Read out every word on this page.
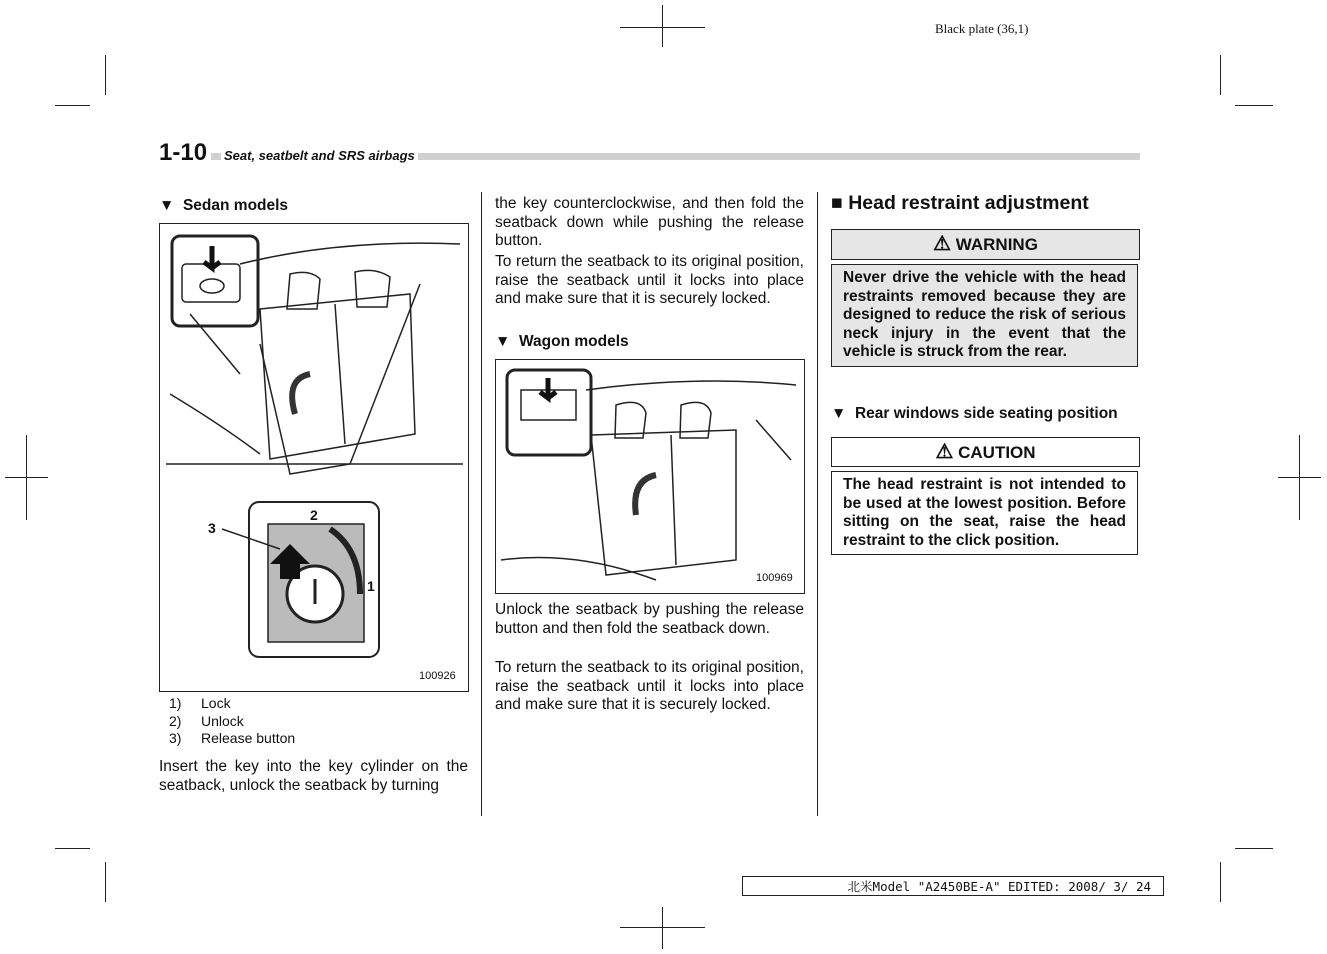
Black plate (36,1)
1-10	Seat, seatbelt and SRS airbags
▼  Sedan models
3
2
1
100926
1) Lock
2) Unlock
3) Release button
Insert the key into the key cylinder on the seatback, unlock the seatback by turning
the key counterclockwise, and then fold the seatback down while pushing the release button.
To return the seatback to its original position, raise the seatback until it locks into place and make sure that it is securely locked.
▼  Wagon models
100969
Unlock the seatback by pushing the release button and then fold the seatback down.
To return the seatback to its original position, raise the seatback until it locks into place and make sure that it is securely locked.
■ Head restraint adjustment
⚠ WARNING
Never drive the vehicle with the head restraints removed because they are designed to reduce the risk of serious neck injury in the event that the vehicle is struck from the rear.
▼  Rear windows side seating position
⚠ CAUTION
The head restraint is not intended to be used at the lowest position. Before sitting on the seat, raise the head restraint to the click position.
北米Model "A2450BE-A" EDITED: 2008/ 3/ 24
